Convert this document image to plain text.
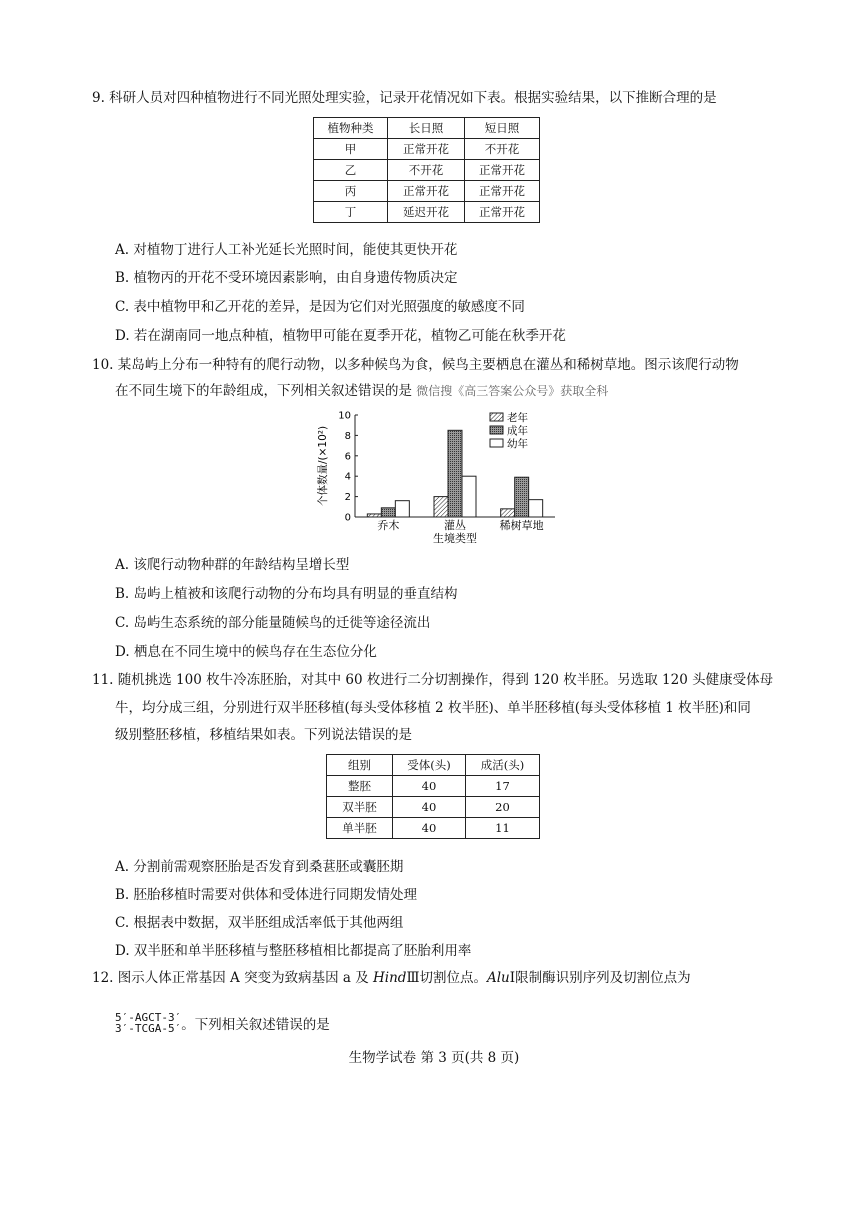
9. 科研人员对四种植物进行不同光照处理实验，记录开花情况如下表。根据实验结果，以下推断合理的是
植物种类	长日照	短日照
甲	正常开花	不开花
乙	不开花	正常开花
丙	正常开花	正常开花
丁	延迟开花	正常开花
A. 对植物丁进行人工补光延长光照时间，能使其更快开花
B. 植物丙的开花不受环境因素影响，由自身遗传物质决定
C. 表中植物甲和乙开花的差异，是因为它们对光照强度的敏感度不同
D. 若在湖南同一地点种植，植物甲可能在夏季开花，植物乙可能在秋季开花
10. 某岛屿上分布一种特有的爬行动物，以多种候鸟为食，候鸟主要栖息在灌丛和稀树草地。图示该爬行动物
在不同生境下的年龄组成，下列相关叙述错误的是 微信搜《高三答案公众号》获取全科
0
2
4
6
8
10
个体数量/(×10²)
乔木	灌丛	稀树草地
生境类型
老年
成年
幼年
A. 该爬行动物种群的年龄结构呈增长型
B. 岛屿上植被和该爬行动物的分布均具有明显的垂直结构
C. 岛屿生态系统的部分能量随候鸟的迁徙等途径流出
D. 栖息在不同生境中的候鸟存在生态位分化
11. 随机挑选 100 枚牛冷冻胚胎，对其中 60 枚进行二分切割操作，得到 120 枚半胚。另选取 120 头健康受体母
牛，均分成三组，分别进行双半胚移植(每头受体移植 2 枚半胚)、单半胚移植(每头受体移植 1 枚半胚)和同
级别整胚移植，移植结果如表。下列说法错误的是
组别	受体(头)	成活(头)
整胚	40	17
双半胚	40	20
单半胚	40	11
A. 分割前需观察胚胎是否发育到桑葚胚或囊胚期
B. 胚胎移植时需要对供体和受体进行同期发情处理
C. 根据表中数据，双半胚组成活率低于其他两组
D. 双半胚和单半胚移植与整胚移植相比都提高了胚胎利用率
12. 图示人体正常基因 A 突变为致病基因 a 及 HindⅢ切割位点。AluⅠ限制酶识别序列及切割位点为
5′-AGCT-3′
3′-TCGA-5′ 。下列相关叙述错误的是
生物学试卷 第 3 页(共 8 页)
